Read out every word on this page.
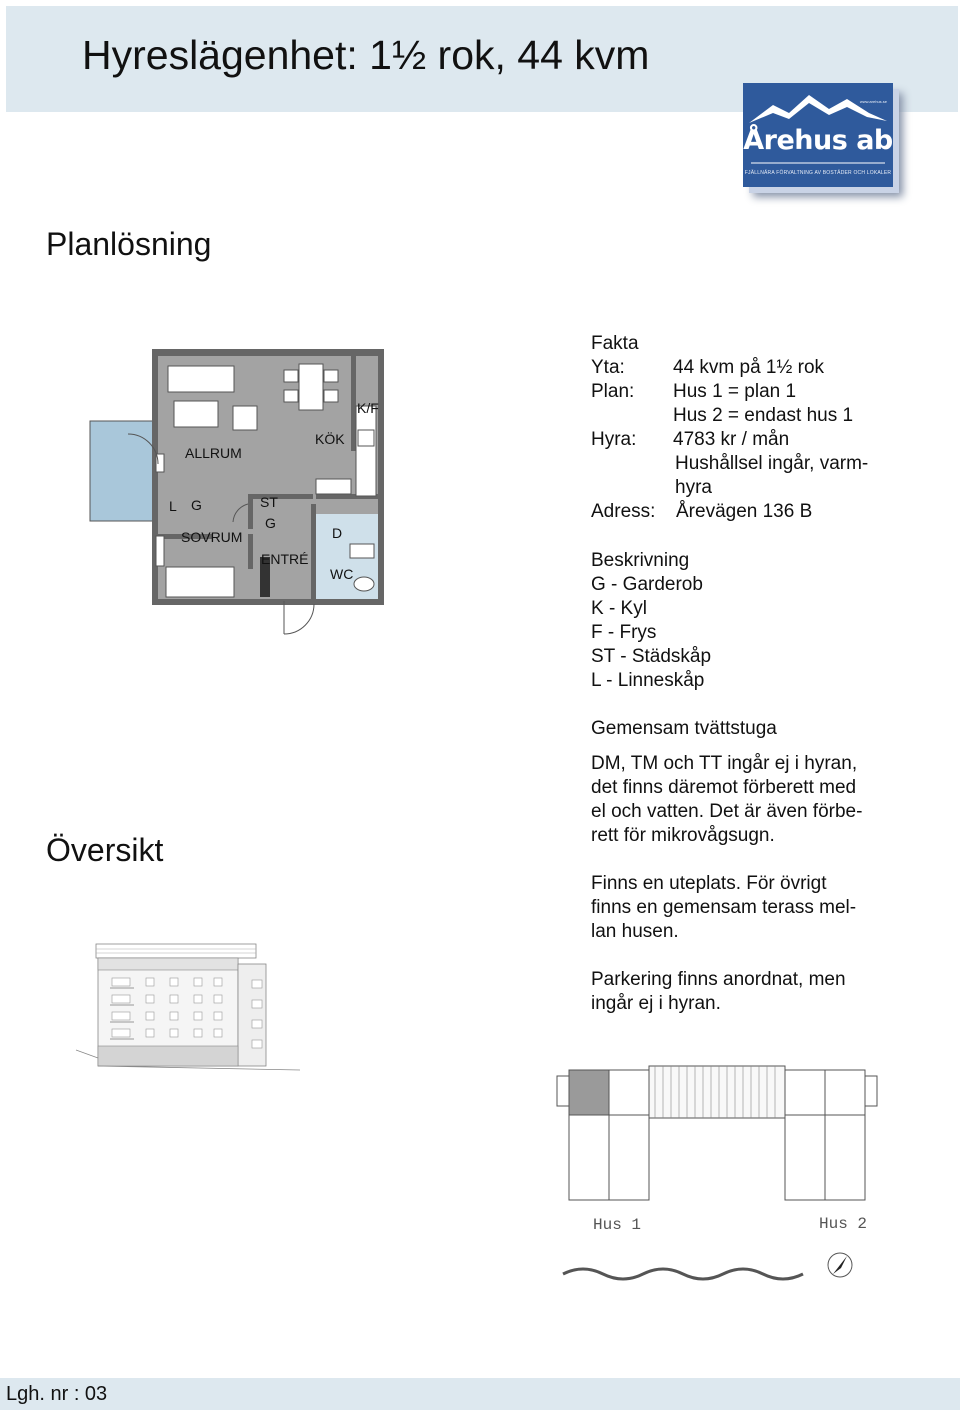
Hyreslägenhet: 1½ rok, 44 kvm
www.arehus.se
Årehus ab
FJÄLLNÄRA FÖRVALTNING AV BOSTÄDER OCH LOKALER
Planlösning
ALLRUM
KÖK
K/F
L G	ST
G
SOVRUM
ENTRÉ
D
WC
Fakta
Yta:	44 kvm på 1½ rok
Plan: Hus 1 = plan 1
Hus 2 = endast hus 1
Hyra: 4783 kr / mån
Hushållsel ingår, varm-
hyra
Adress: Årevägen 136 B
Beskrivning
G - Garderob
K - Kyl
F - Frys
ST - Städskåp
L - Linneskåp
Gemensam tvättstuga
DM, TM och TT ingår ej i hyran,
det finns däremot förberett med
el och vatten. Det är även förbe-
rett för mikrovågsugn.
Finns en uteplats. För övrigt
finns en gemensam terass mel-
lan husen.
Parkering finns anordnat, men
ingår ej i hyran.
Översikt
Hus 1	Hus 2
Lgh. nr : 03
